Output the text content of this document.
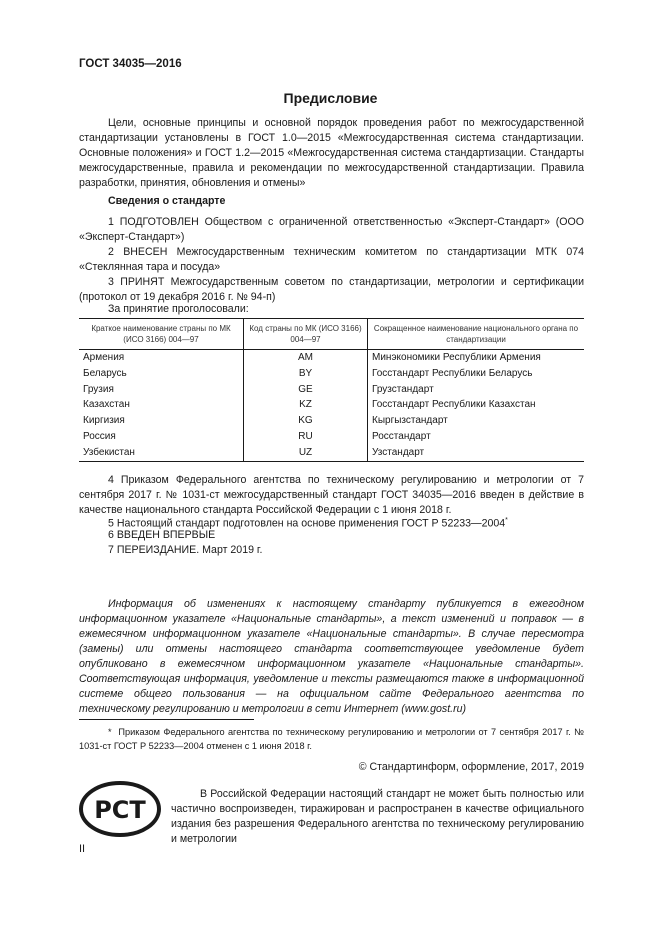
ГОСТ 34035—2016
Предисловие

Цели, основные принципы и основной порядок проведения работ по межгосударственной стандартизации установлены в ГОСТ 1.0—2015 «Межгосударственная система стандартизации. Основные положения» и ГОСТ 1.2—2015 «Межгосударственная система стандартизации. Стандарты межгосударственные, правила и рекомендации по межгосударственной стандартизации. Правила разработки, принятия, обновления и отмены»

Сведения о стандарте

1 ПОДГОТОВЛЕН Обществом с ограниченной ответственностью «Эксперт-Стандарт» (ООО «Эксперт-Стандарт»)

2 ВНЕСЕН Межгосударственным техническим комитетом по стандартизации МТК 074 «Стеклянная тара и посуда»

3 ПРИНЯТ Межгосударственным советом по стандартизации, метрологии и сертификации (протокол от 19 декабря 2016 г. № 94-п)

За принятие проголосовали:

Краткое наименование страны по МК (ИСО 3166) 004—97	Код страны по МК (ИСО 3166) 004—97	Сокращенное наименование национального органа по стандартизации
Армения	AM	Минэкономики Республики Армения
Беларусь	BY	Госстандарт Республики Беларусь
Грузия	GE	Грузстандарт
Казахстан	KZ	Госстандарт Республики Казахстан
Киргизия	KG	Кыргызстандарт
Россия	RU	Росстандарт
Узбекистан	UZ	Узстандарт

4 Приказом Федерального агентства по техническому регулированию и метрологии от 7 сентября 2017 г. № 1031-ст межгосударственный стандарт ГОСТ 34035—2016 введен в действие в качестве национального стандарта Российской Федерации с 1 июня 2018 г.

5 Настоящий стандарт подготовлен на основе применения ГОСТ Р 52233—2004*

6 ВВЕДЕН ВПЕРВЫЕ

7 ПЕРЕИЗДАНИЕ. Март 2019 г.

Информация об изменениях к настоящему стандарту публикуется в ежегодном информационном указателе «Национальные стандарты», а текст изменений и поправок — в ежемесячном информационном указателе «Национальные стандарты». В случае пересмотра (замены) или отмены настоящего стандарта соответствующее уведомление будет опубликовано в ежемесячном информационном указателе «Национальные стандарты». Соответствующая информация, уведомление и тексты размещаются также в информационной системе общего пользования — на официальном сайте Федерального агентства по техническому регулированию и метрологии в сети Интернет (www.gost.ru)

* Приказом Федерального агентства по техническому регулированию и метрологии от 7 сентября 2017 г. № 1031-ст ГОСТ Р 52233—2004 отменен с 1 июня 2018 г.

© Стандартинформ, оформление, 2017, 2019
РСТ

В Российской Федерации настоящий стандарт не может быть полностью или частично воспроизведен, тиражирован и распространен в качестве официального издания без разрешения Федерального агентства по техническому регулированию и метрологии

II
